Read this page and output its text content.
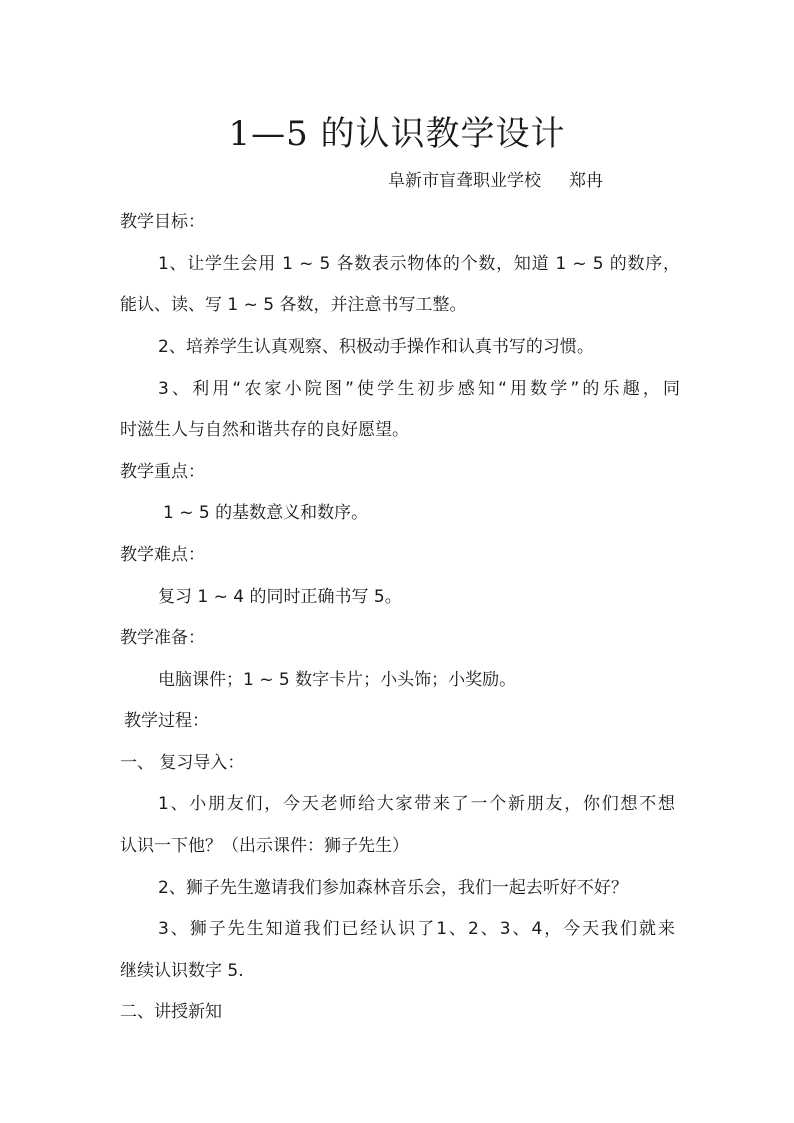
1—5 的认识教学设计
阜新市盲聋职业学校 郑冉
教学目标：
1、让学生会用 1 ~ 5 各数表示物体的个数，知道 1 ~ 5 的数序，
能认、读、写 1 ~ 5 各数，并注意书写工整。
2、培养学生认真观察、积极动手操作和认真书写的习惯。
3、利用“农家小院图”使学生初步感知“用数学”的乐趣，同
时滋生人与自然和谐共存的良好愿望。
教学重点：
1 ~ 5 的基数意义和数序。
教学难点：
复习 1 ~ 4 的同时正确书写 5。
教学准备：
电脑课件；1 ~ 5 数字卡片；小头饰；小奖励。
教学过程：
一、 复习导入：
1、小朋友们，今天老师给大家带来了一个新朋友，你们想不想
认识一下他？（出示课件：狮子先生）
2、狮子先生邀请我们参加森林音乐会，我们一起去听好不好？
3、狮子先生知道我们已经认识了1、2、3、4，今天我们就来
继续认识数字 5.
二、讲授新知
